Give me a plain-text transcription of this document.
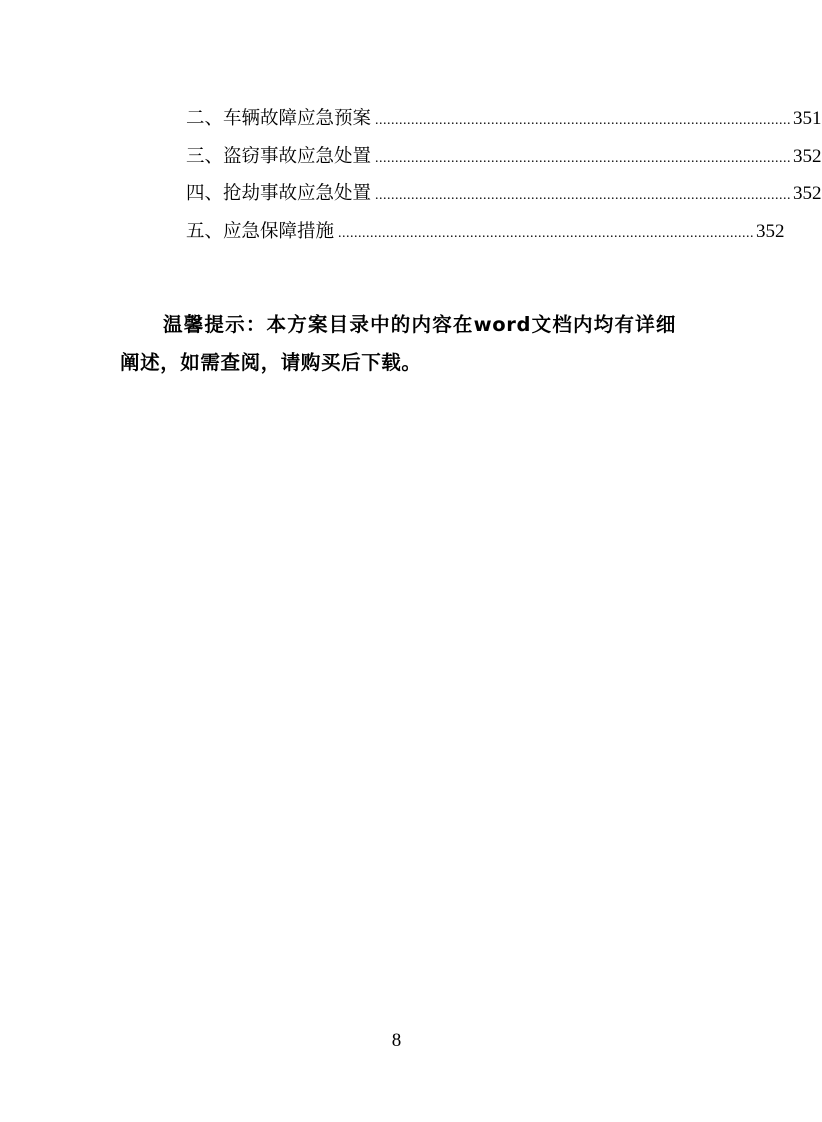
二、车辆故障应急预案 ........................................................................................................ 351
三、盗窃事故应急处置 ........................................................................................................ 352
四、抢劫事故应急处置 ........................................................................................................ 352
五、应急保障措施 ........................................................................................................ 352

温馨提示：本方案目录中的内容在word文档内均有详细阐述，如需查阅，请购买后下载。

8
